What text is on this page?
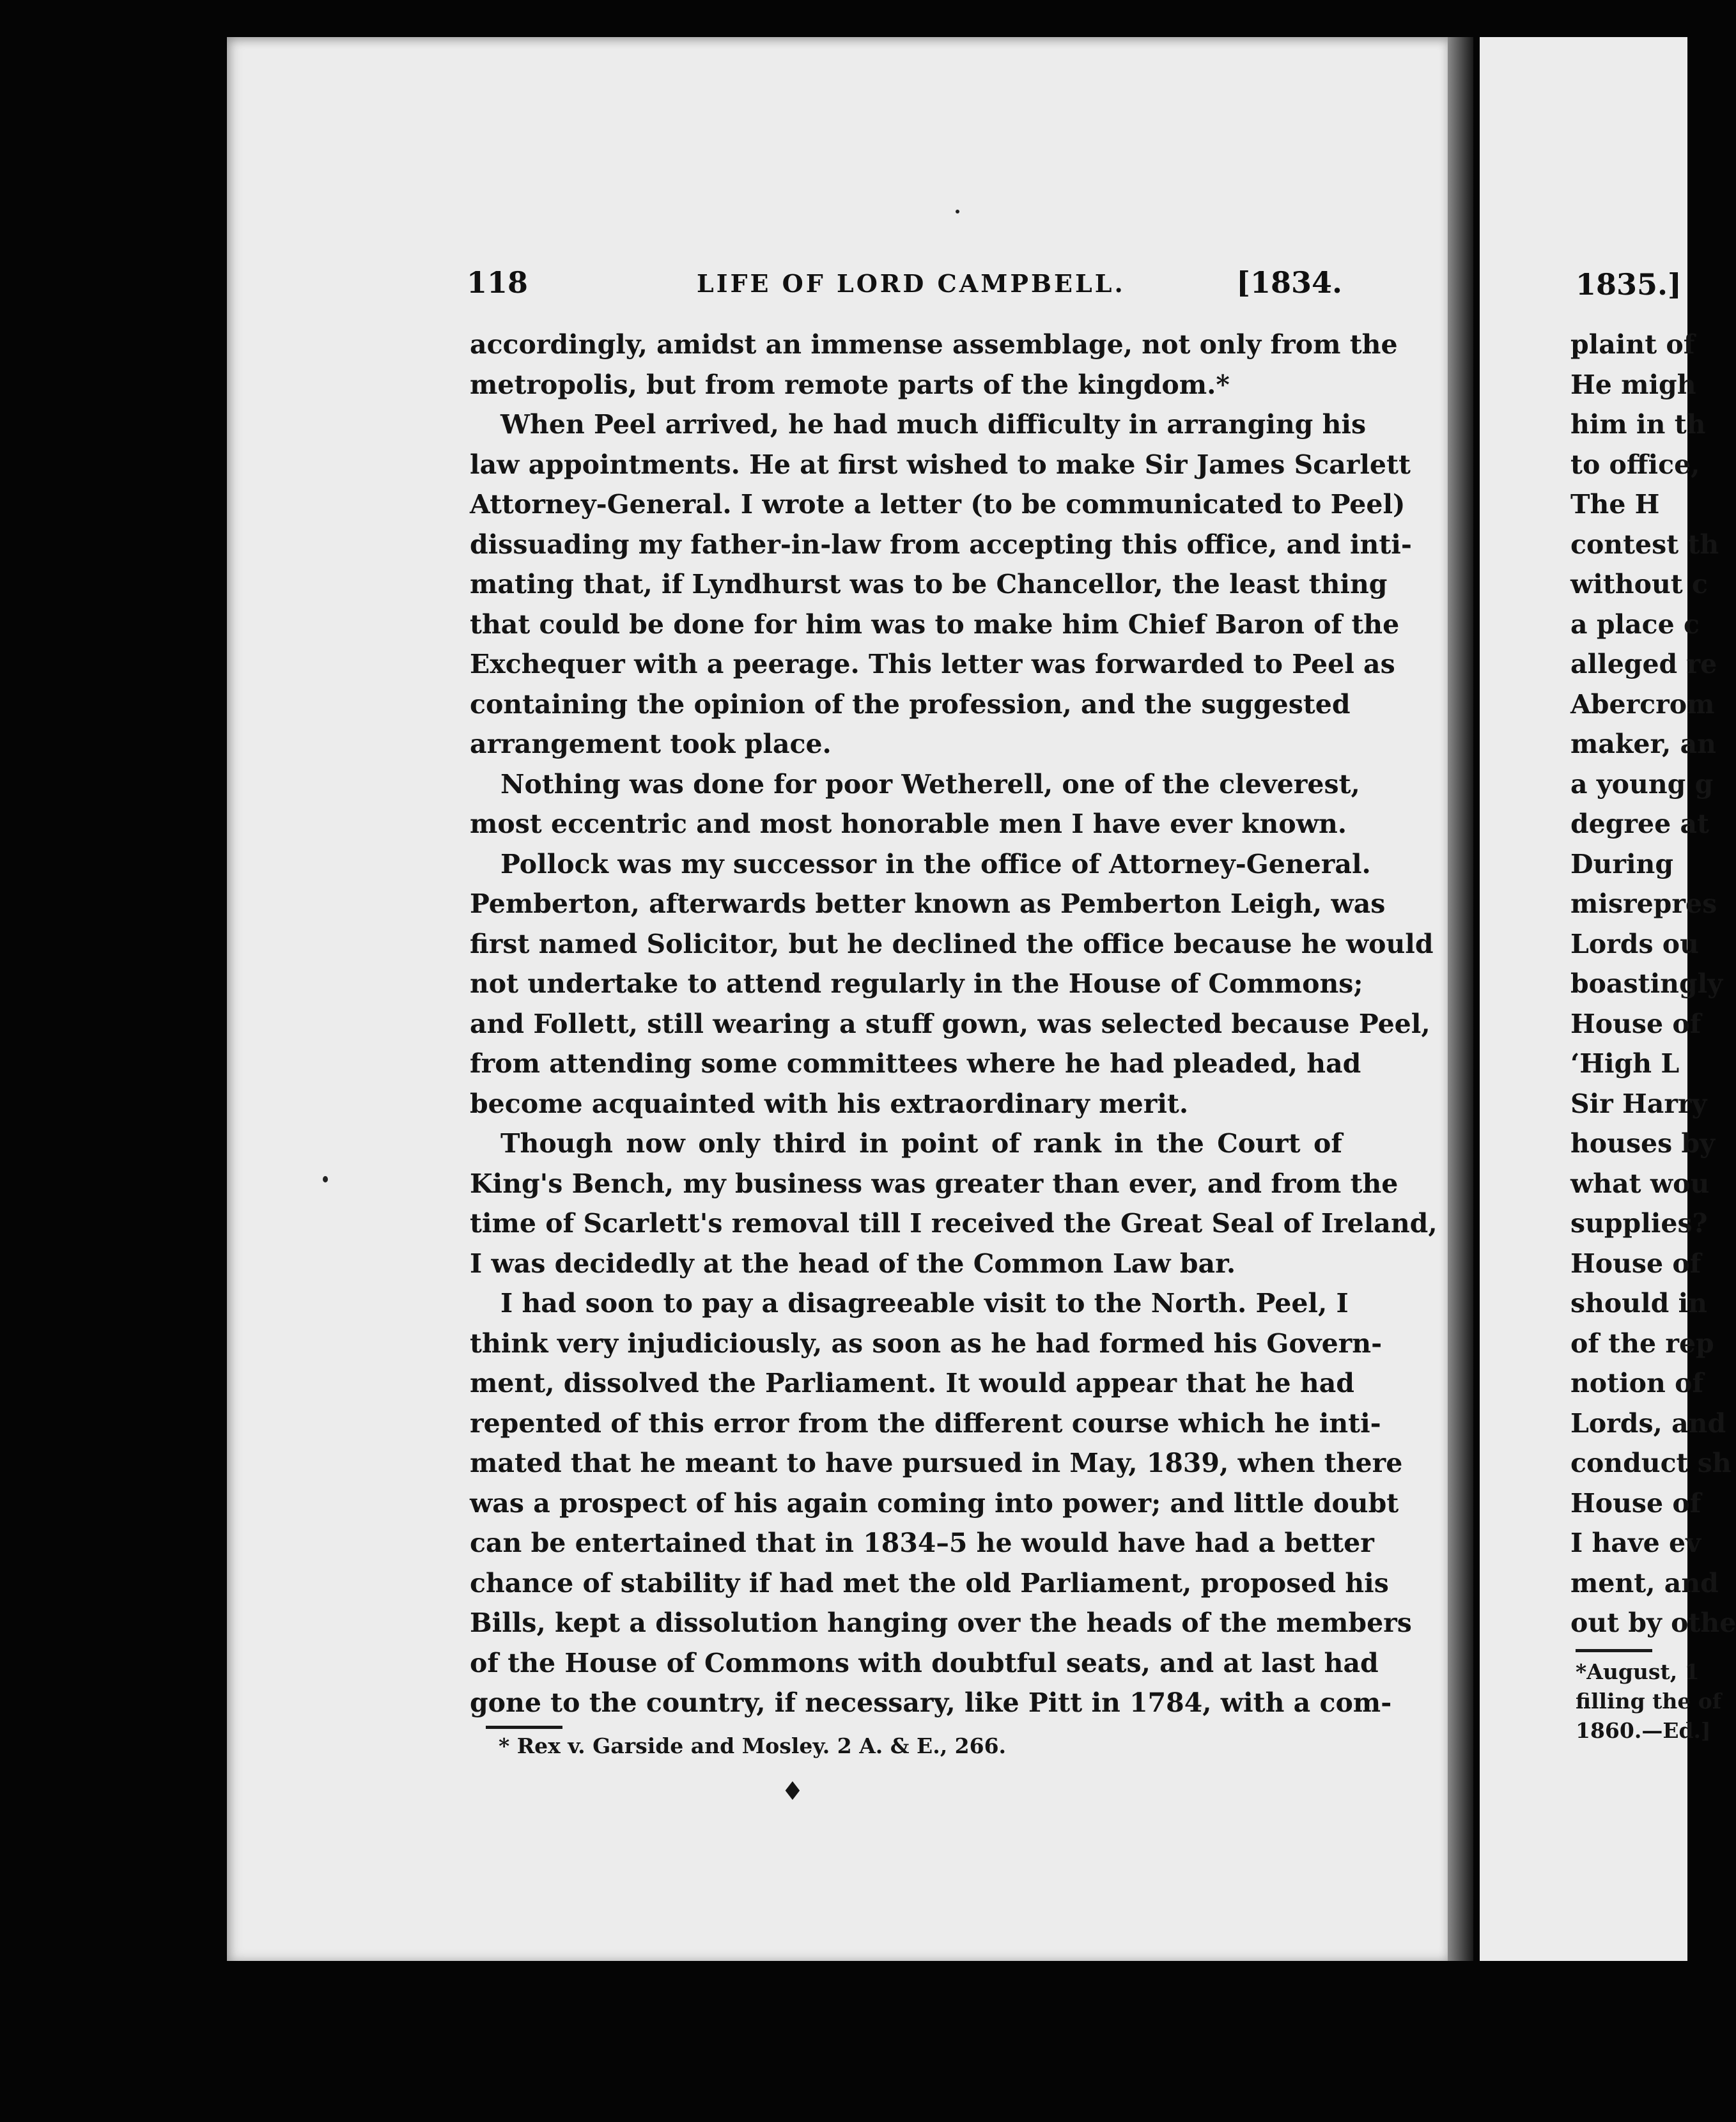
1835.]
plaint of
He migh
him in th
to office,
The H
contest th
without c
a place c
alleged re
Abercrom
maker, an
a young g
degree at
During
misrepres
Lords ou
boastingly
House of
‘High L
Sir Harry
houses by
what wou
supplies?
House of
should in
of the rep
notion of
Lords, and
conduct sh
House of
I have ev
ment, and
out by othe
*August, 1
filling the of
1860.—Ed.]
118	LIFE OF LORD CAMPBELL.	[1834.
accordingly, amidst an immense assemblage, not only from the
metropolis, but from remote parts of the kingdom.*
When Peel arrived, he had much difficulty in arranging his
law appointments. He at first wished to make Sir James Scarlett
Attorney-General. I wrote a letter (to be communicated to Peel)
dissuading my father-in-law from accepting this office, and inti-
mating that, if Lyndhurst was to be Chancellor, the least thing
that could be done for him was to make him Chief Baron of the
Exchequer with a peerage. This letter was forwarded to Peel as
containing the opinion of the profession, and the suggested
arrangement took place.
Nothing was done for poor Wetherell, one of the cleverest,
most eccentric and most honorable men I have ever known.
Pollock was my successor in the office of Attorney-General.
Pemberton, afterwards better known as Pemberton Leigh, was
first named Solicitor, but he declined the office because he would
not undertake to attend regularly in the House of Commons;
and Follett, still wearing a stuff gown, was selected because Peel,
from attending some committees where he had pleaded, had
become acquainted with his extraordinary merit.
Though now only third in point of rank in the Court of
King's Bench, my business was greater than ever, and from the
time of Scarlett's removal till I received the Great Seal of Ireland,
I was decidedly at the head of the Common Law bar.
I had soon to pay a disagreeable visit to the North. Peel, I
think very injudiciously, as soon as he had formed his Govern-
ment, dissolved the Parliament. It would appear that he had
repented of this error from the different course which he inti-
mated that he meant to have pursued in May, 1839, when there
was a prospect of his again coming into power; and little doubt
can be entertained that in 1834–5 he would have had a better
chance of stability if had met the old Parliament, proposed his
Bills, kept a dissolution hanging over the heads of the members
of the House of Commons with doubtful seats, and at last had
gone to the country, if necessary, like Pitt in 1784, with a com-
* Rex v. Garside and Mosley. 2 A. & E., 266.
♦
